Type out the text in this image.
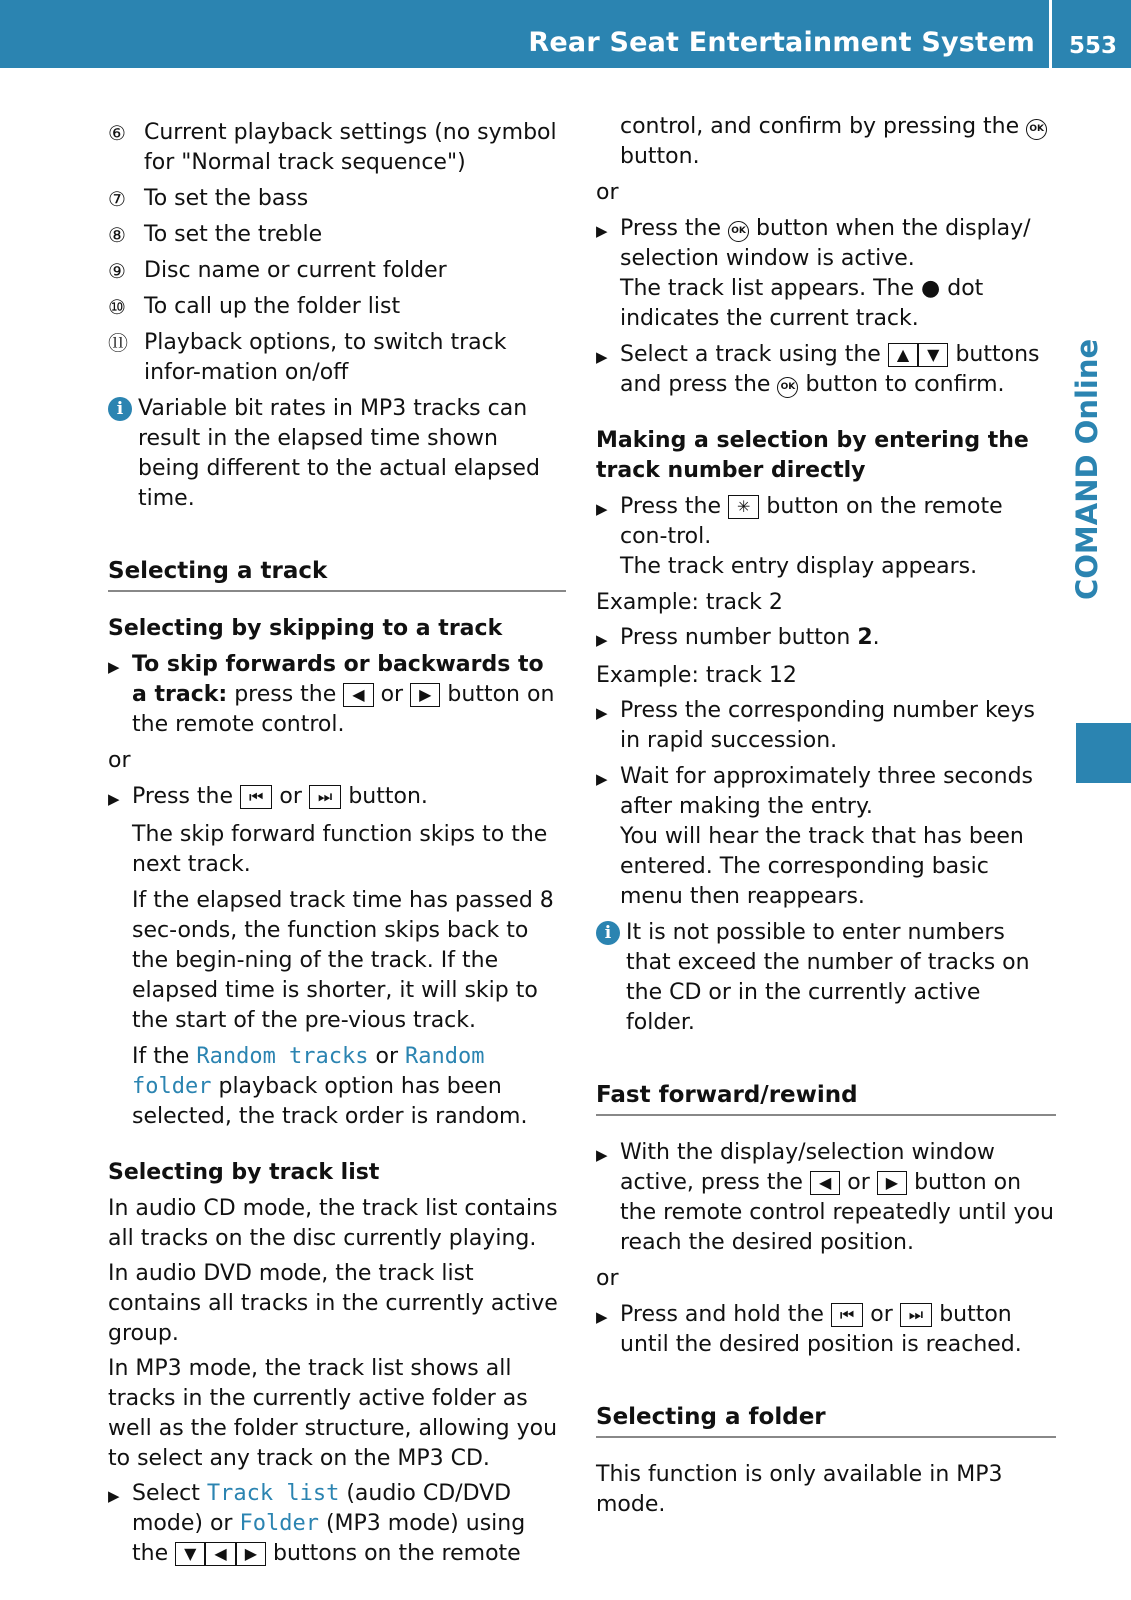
Rear Seat Entertainment System 553
COMAND Online
⑥ Current playback settings (no symbol for "Normal track sequence")
⑦ To set the bass
⑧ To set the treble
⑨ Disc name or current folder
⑩ To call up the folder list
⑪ Playback options, to switch track infor-mation on/off
i Variable bit rates in MP3 tracks can result in the elapsed time shown being different to the actual elapsed time.
Selecting a track
Selecting by skipping to a track
▶ To skip forwards or backwards to a track: press the ◀ or ▶ button on the remote control.
or
▶ Press the ⏮ or ⏭ button.
The skip forward function skips to the next track.
If the elapsed track time has passed 8 sec-onds, the function skips back to the begin-ning of the track. If the elapsed time is shorter, it will skip to the start of the pre-vious track.
If the Random tracks or Random folder playback option has been selected, the track order is random.
Selecting by track list
In audio CD mode, the track list contains all tracks on the disc currently playing.
In audio DVD mode, the track list contains all tracks in the currently active group.
In MP3 mode, the track list shows all tracks in the currently active folder as well as the folder structure, allowing you to select any track on the MP3 CD.
▶ Select Track list (audio CD/DVD mode) or Folder (MP3 mode) using the ▼ ◀ ▶ buttons on the remote
control, and confirm by pressing the OK button.
or
▶ Press the OK button when the display/ selection window is active.
The track list appears. The ● dot indicates the current track.
▶ Select a track using the ▲ ▼ buttons and press the OK button to confirm.
Making a selection by entering the track number directly
▶ Press the ✳ button on the remote con-trol.
The track entry display appears.
Example: track 2
▶ Press number button 2.
Example: track 12
▶ Press the corresponding number keys in rapid succession.
▶ Wait for approximately three seconds after making the entry.
You will hear the track that has been entered. The corresponding basic menu then reappears.
i It is not possible to enter numbers that exceed the number of tracks on the CD or in the currently active folder.
Fast forward/rewind
▶ With the display/selection window active, press the ◀ or ▶ button on the remote control repeatedly until you reach the desired position.
or
▶ Press and hold the ⏮ or ⏭ button until the desired position is reached.
Selecting a folder
This function is only available in MP3 mode.
